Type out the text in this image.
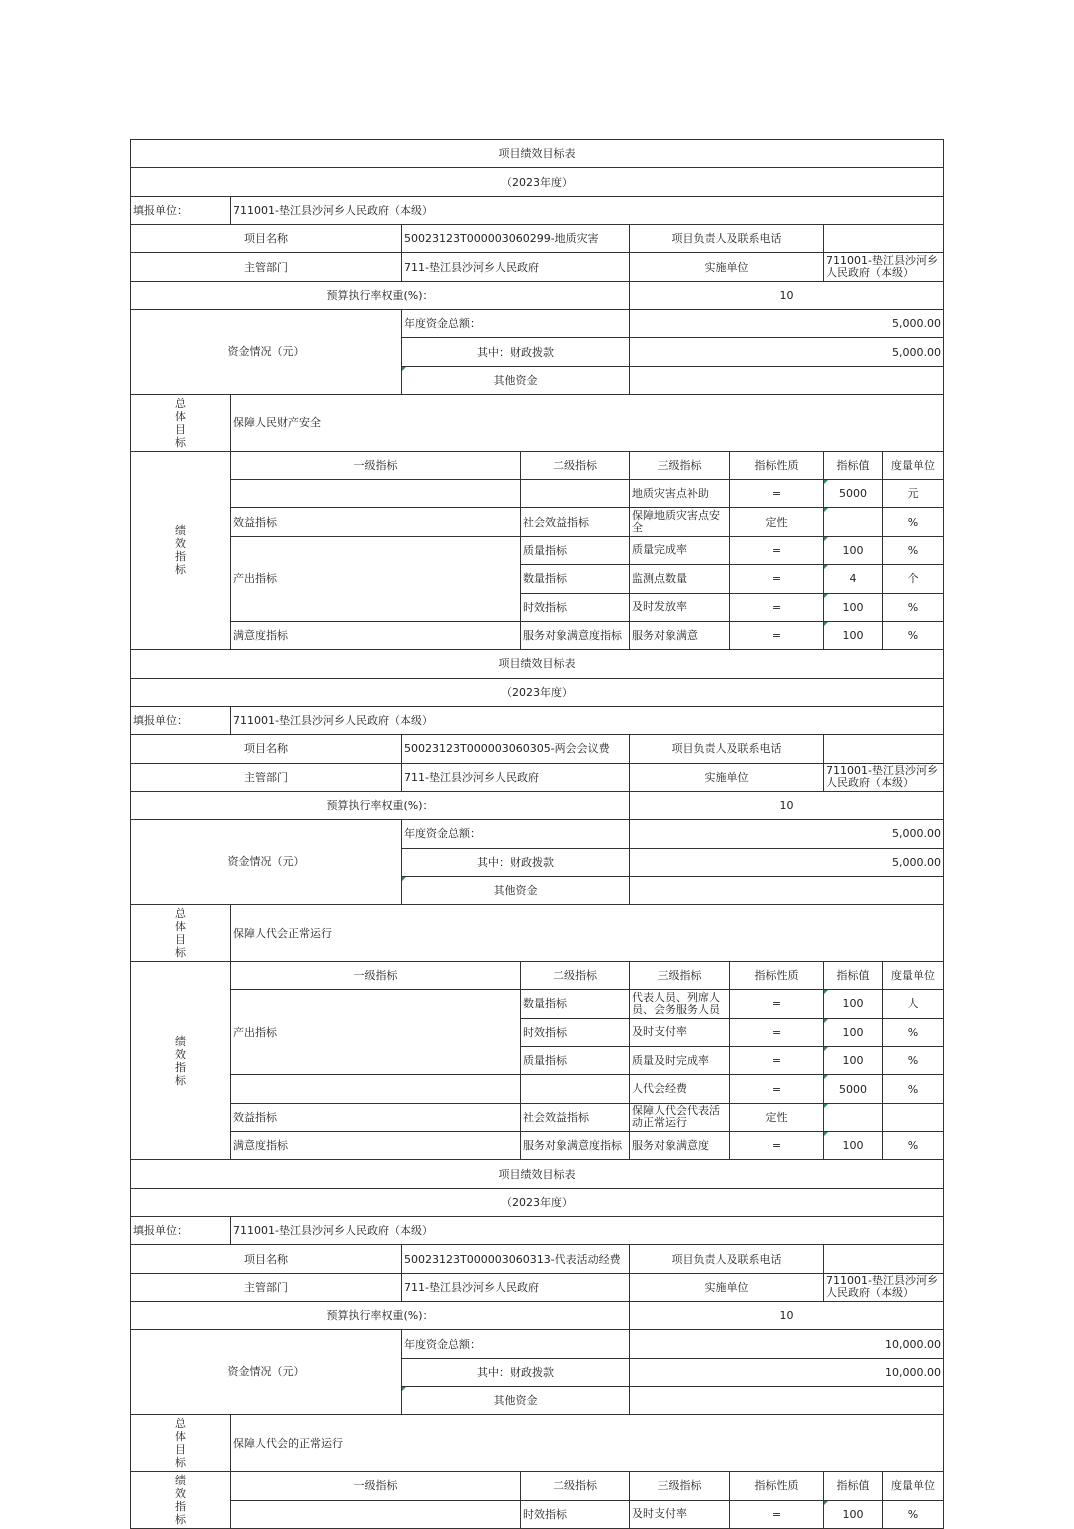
项目绩效目标表								
（2023年度）								
填报单位：	711001-垫江县沙河乡人民政府（本级）							
项目名称		50023123T000003060299-地质灾害		项目负责人及联系电话				
主管部门		711-垫江县沙河乡人民政府		实施单位		711001-垫江县沙河乡人民政府（本级）		
预算执行率权重(%)：				10				
资金情况（元）		年度资金总额：		5,000.00				
		其中：财政拨款		5,000.00				
		其他资金						

总
体
目
标	保障人民财产安全							

绩
效
指
标	一级指标		二级指标	三级指标	指标性质	指标值	度量单位	
				地质灾害点补助	=	5000	元	
	效益指标		社会效益指标	保障地质灾害点安全	定性		%	
	产出指标		质量指标	质量完成率	=	100	%	
			数量指标	监测点数量	=	4	个	
			时效指标	及时发放率	=	100	%	
	满意度指标		服务对象满意度指标	服务对象满意	=	100	%	
项目绩效目标表								
（2023年度）								
填报单位：	711001-垫江县沙河乡人民政府（本级）							
项目名称		50023123T000003060305-两会会议费		项目负责人及联系电话				
主管部门		711-垫江县沙河乡人民政府		实施单位		711001-垫江县沙河乡人民政府（本级）		
预算执行率权重(%)：				10				
资金情况（元）		年度资金总额：		5,000.00				
		其中：财政拨款		5,000.00				
		其他资金						

总
体
目
标	保障人代会正常运行							

绩
效
指
标	一级指标		二级指标	三级指标	指标性质	指标值	度量单位	
	产出指标		数量指标	代表人员、列席人员、会务服务人员	=	100	人	
			时效指标	及时支付率	=	100	%	
			质量指标	质量及时完成率	=	100	%	
				人代会经费	=	5000	%	
	效益指标		社会效益指标	保障人代会代表活动正常运行	定性			
	满意度指标		服务对象满意度指标	服务对象满意度	=	100	%	
项目绩效目标表								
（2023年度）								
填报单位：	711001-垫江县沙河乡人民政府（本级）							
项目名称		50023123T000003060313-代表活动经费		项目负责人及联系电话				
主管部门		711-垫江县沙河乡人民政府		实施单位		711001-垫江县沙河乡人民政府（本级）		
预算执行率权重(%)：				10				
资金情况（元）		年度资金总额：		10,000.00				
		其中：财政拨款		10,000.00				
		其他资金						

总
体
目
标	保障人代会的正常运行							

绩
效
指
标	一级指标		二级指标	三级指标	指标性质	指标值	度量单位	
			时效指标	及时支付率	=	100	%	
